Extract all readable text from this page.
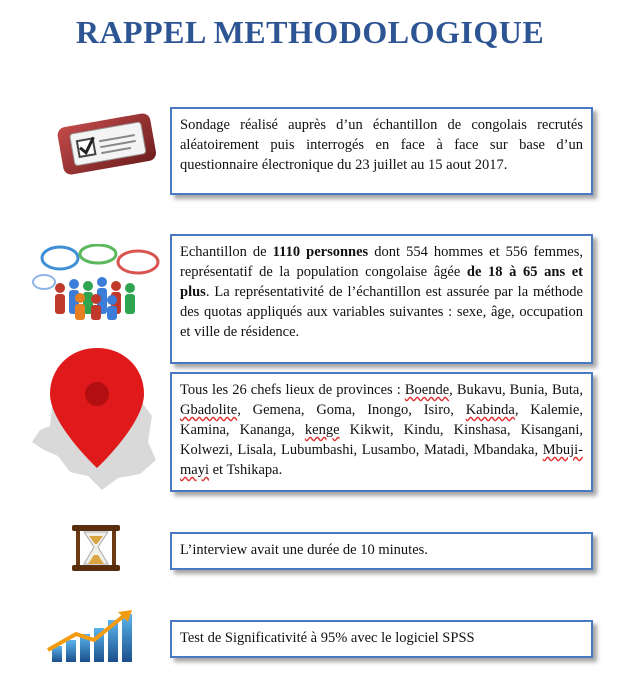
RAPPEL METHODOLOGIQUE
Sondage réalisé auprès d’un échantillon de congolais recrutés aléatoirement puis interrogés en face à face sur base d’un questionnaire électronique du 23 juillet au 15 aout 2017.
Echantillon de 1110 personnes dont 554 hommes et 556 femmes, représentatif de la population congolaise âgée de 18 à 65 ans et plus. La représentativité de l’échantillon est assurée par la méthode des quotas appliqués aux variables suivantes : sexe, âge, occupation et ville de résidence.
Tous les 26 chefs lieux de provinces : Boende, Bukavu, Bunia, Buta, Gbadolite, Gemena, Goma, Inongo, Isiro, Kabinda, Kalemie, Kamina, Kananga, kenge Kikwit, Kindu, Kinshasa, Kisangani, Kolwezi, Lisala, Lubumbashi, Lusambo, Matadi, Mbandaka, Mbuji- mayi et Tshikapa.
L’interview avait une durée de 10 minutes.
Test de Significativité à 95% avec le logiciel SPSS
